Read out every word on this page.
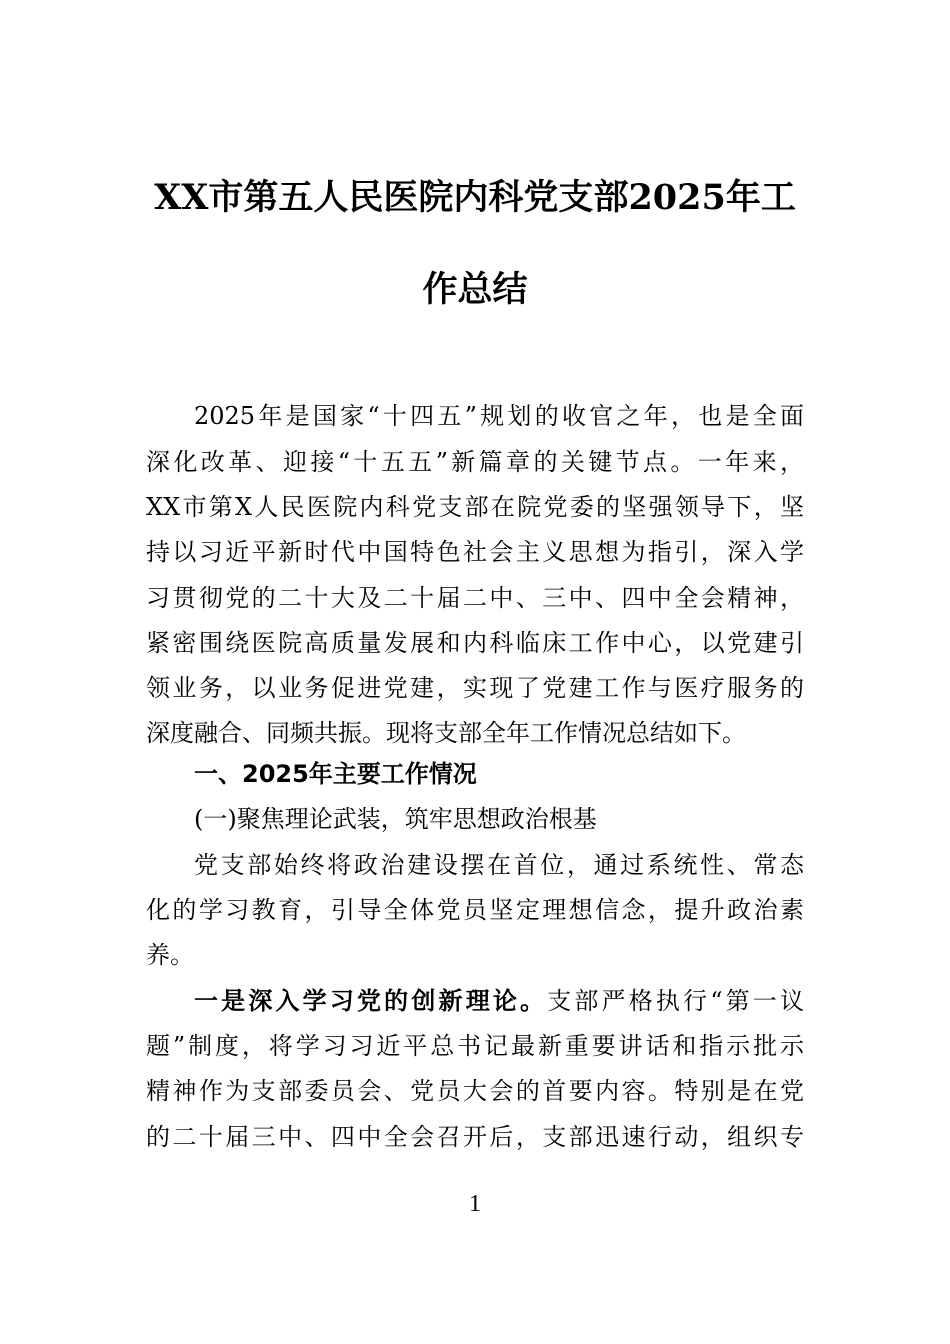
XX市第五人民医院内科党支部2025年工
作总结
2025年是国家“十四五”规划的收官之年，也是全面
深化改革、迎接“十五五”新篇章的关键节点。一年来，
XX市第X人民医院内科党支部在院党委的坚强领导下，坚
持以习近平新时代中国特色社会主义思想为指引，深入学
习贯彻党的二十大及二十届二中、三中、四中全会精神，
紧密围绕医院高质量发展和内科临床工作中心，以党建引
领业务，以业务促进党建，实现了党建工作与医疗服务的
深度融合、同频共振。现将支部全年工作情况总结如下。
一、2025年主要工作情况
(一)聚焦理论武装，筑牢思想政治根基
党支部始终将政治建设摆在首位，通过系统性、常态
化的学习教育，引导全体党员坚定理想信念，提升政治素
养。
一是深入学习党的创新理论。支部严格执行“第一议
题”制度，将学习习近平总书记最新重要讲话和指示批示
精神作为支部委员会、党员大会的首要内容。特别是在党
的二十届三中、四中全会召开后，支部迅速行动，组织专
1
